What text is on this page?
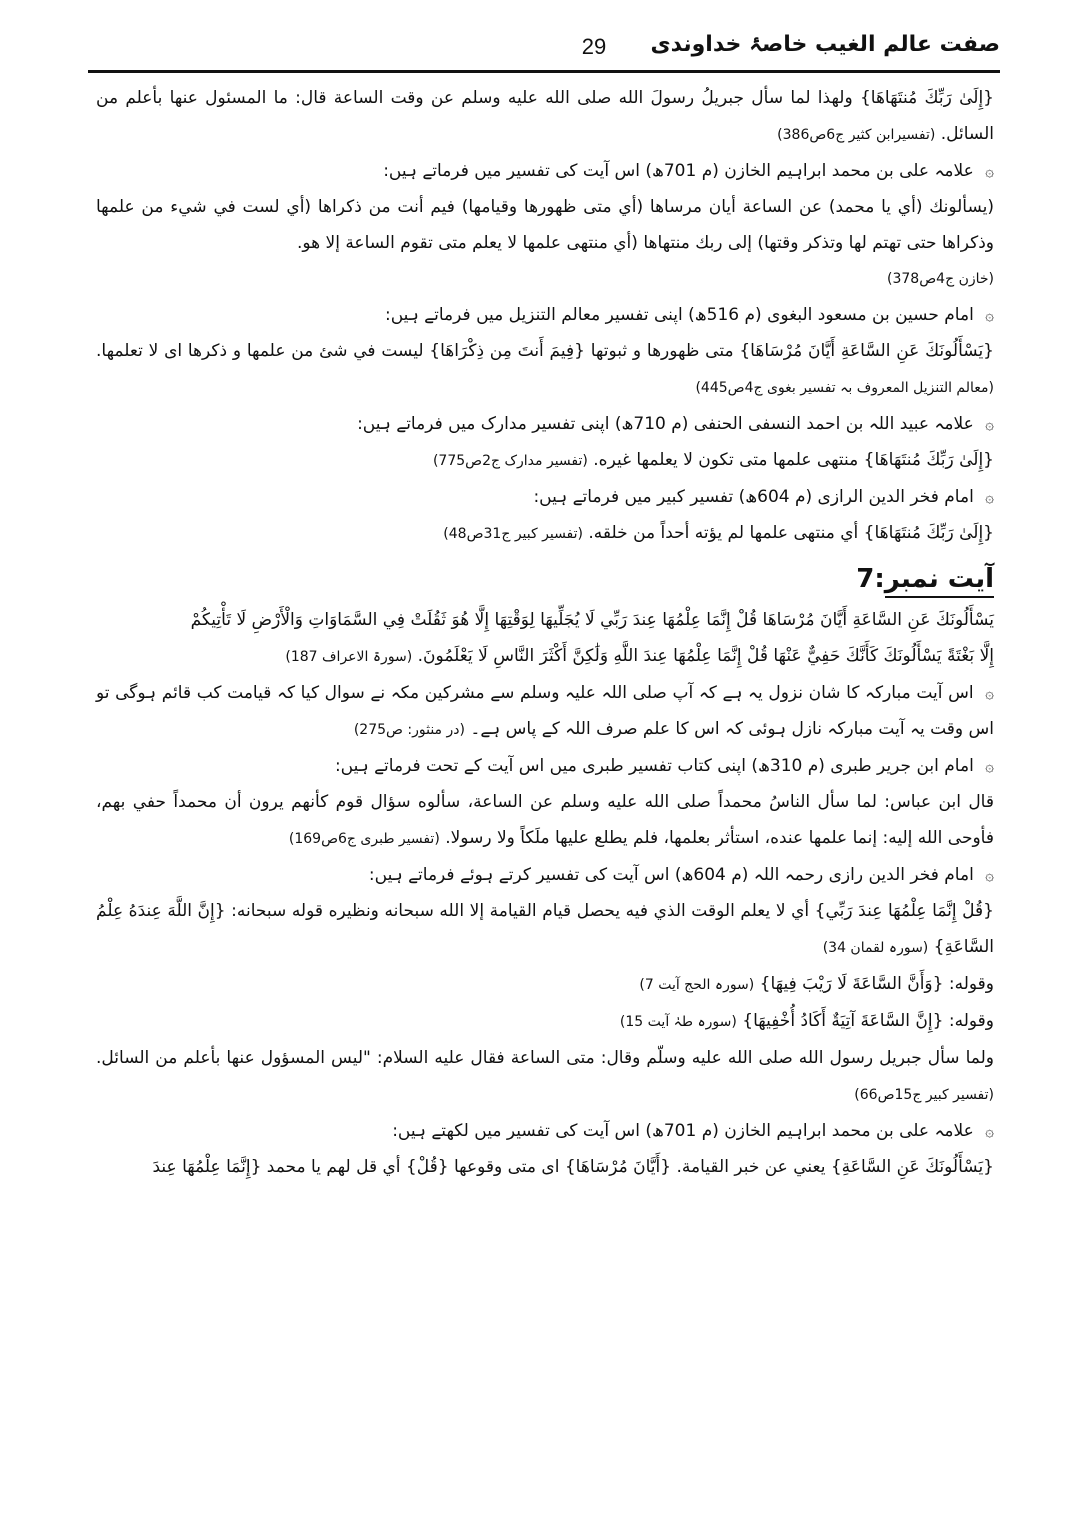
صفت عالم الغیب خاصۂ خداوندی
29

{إِلَىٰ رَبِّكَ مُنتَهَاهَا} ولهذا لما سأل جبريلُ رسولَ الله صلى الله عليه وسلم عن وقت الساعة قال: ما المسئول عنها بأعلم من السائل. (تفسیرابن کثیر ج6ص386)

۞ علامہ علی بن محمد ابراہیم الخازن (م 701ھ) اس آیت کی تفسیر میں فرماتے ہیں:

(يسألونك (أي يا محمد) عن الساعة أيان مرساها (أي متى ظهورها وقيامها) فيم أنت من ذكراها (أي لست في شيء من علمها وذكراها حتى تهتم لها وتذكر وقتها) إلى ربك منتهاها (أي منتهى علمها لا يعلم متى تقوم الساعة إلا هو.

(خازن ج4ص378)

۞ امام حسین بن مسعود البغوی (م 516ھ) اپنی تفسیر معالم التنزیل میں فرماتے ہیں:

{يَسْأَلُونَكَ عَنِ السَّاعَةِ أَيَّانَ مُرْسَاهَا} متى ظهورها و ثبوتها {فِيمَ أَنتَ مِن ذِكْرَاهَا} ليست في شئ من علمها و ذكرها اى لا تعلمها. (معالم التنزیل المعروف بہ تفسیر بغوی ج4ص445)

۞ علامہ عبید اللہ بن احمد النسفی الحنفی (م 710ھ) اپنی تفسیر مدارک میں فرماتے ہیں:

{إِلَىٰ رَبِّكَ مُنتَهَاهَا} منتهى علمها متى تكون لا يعلمها غيره. (تفسیر مدارک ج2ص775)

۞ امام فخر الدین الرازی (م 604ھ) تفسیر کبیر میں فرماتے ہیں:

{إِلَىٰ رَبِّكَ مُنتَهَاهَا} أي منتهى علمها لم يؤته أحداً من خلقه. (تفسیر کبیر ج31ص48)

آیت نمبر:7

يَسْأَلُونَكَ عَنِ السَّاعَةِ أَيَّانَ مُرْسَاهَا قُلْ إِنَّمَا عِلْمُهَا عِندَ رَبِّي لَا يُجَلِّيهَا لِوَقْتِهَا إِلَّا هُوَ ثَقُلَتْ فِي السَّمَاوَاتِ وَالْأَرْضِ لَا تَأْتِيكُمْ

إِلَّا بَغْتَةً يَسْأَلُونَكَ كَأَنَّكَ حَفِيٌّ عَنْهَا قُلْ إِنَّمَا عِلْمُهَا عِندَ اللَّهِ وَلَٰكِنَّ أَكْثَرَ النَّاسِ لَا يَعْلَمُونَ. (سورۃ الاعراف 187)

۞ اس آیت مبارکہ کا شان نزول یہ ہے کہ آپ صلی اللہ علیہ وسلم سے مشرکین مکہ نے سوال کیا کہ قیامت کب قائم ہوگی تو اس وقت یہ آیت مبارکہ نازل ہوئی کہ اس کا علم صرف اللہ کے پاس ہے۔ (در منثور: ص275)

۞ امام ابن جریر طبری (م 310ھ) اپنی کتاب تفسیر طبری میں اس آیت کے تحت فرماتے ہیں:

قال ابن عباس: لما سأل الناسُ محمداً صلى الله عليه وسلم عن الساعة، سألوه سؤال قوم كأنهم يرون أن محمداً حفي بهم، فأوحى الله إليه: إنما علمها عنده، استأثر بعلمها، فلم يطلع عليها ملَكاً ولا رسولا. (تفسیر طبری ج6ص169)

۞ امام فخر الدین رازی رحمہ اللہ (م 604ھ) اس آیت کی تفسیر کرتے ہوئے فرماتے ہیں:

{قُلْ إِنَّمَا عِلْمُهَا عِندَ رَبِّي} أي لا يعلم الوقت الذي فيه يحصل قيام القيامة إلا الله سبحانه ونظيره قوله سبحانه: {إِنَّ اللَّهَ عِندَهُ عِلْمُ السَّاعَةِ} (سورہ لقمان 34)

وقوله: {وَأَنَّ السَّاعَةَ لَا رَيْبَ فِيهَا} (سورہ الحج آیت 7)

وقوله: {إِنَّ السَّاعَةَ آتِيَةٌ أَكَادُ أُخْفِيهَا} (سورہ طہٰ آیت 15)

ولما سأل جبريل رسول الله صلى الله عليه وسلّم وقال: متى الساعة فقال عليه السلام: "ليس المسؤول عنها بأعلم من السائل. (تفسیر کبیر ج15ص66)

۞ علامہ علی بن محمد ابراہیم الخازن (م 701ھ) اس آیت کی تفسیر میں لکھتے ہیں:

{يَسْأَلُونَكَ عَنِ السَّاعَةِ} يعني عن خبر القيامة. {أَيَّانَ مُرْسَاهَا} اى متى وقوعها {قُلْ} أي قل لهم يا محمد {إِنَّمَا عِلْمُهَا عِندَ
